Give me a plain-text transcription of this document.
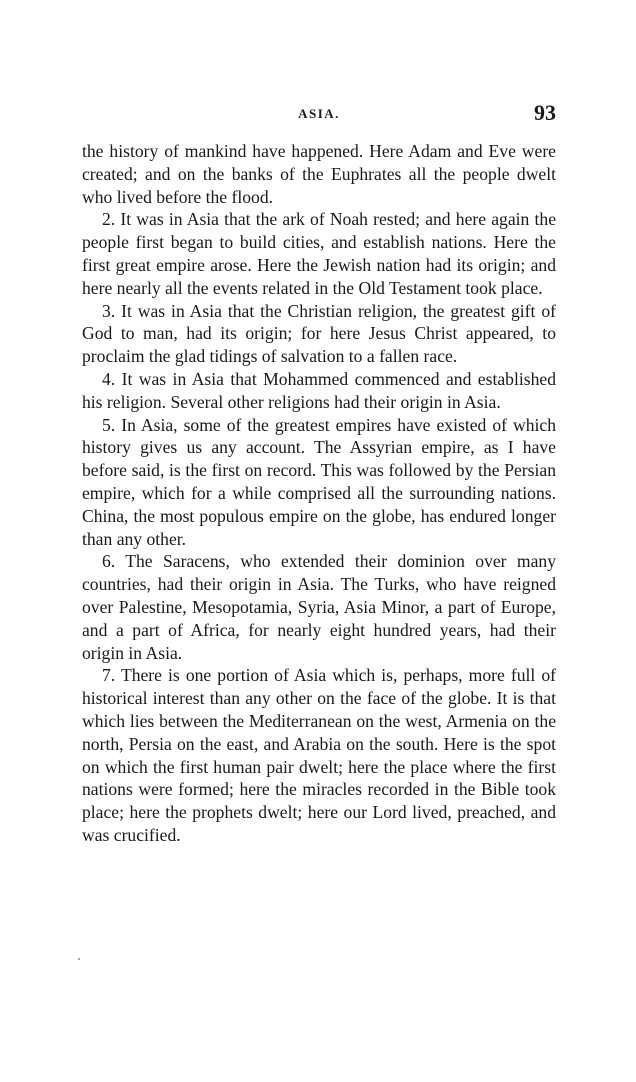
ASIA.	93

the history of mankind have happened. Here Adam and Eve were created; and on the banks of the Euphrates all the people dwelt who lived before the flood.

2. It was in Asia that the ark of Noah rested; and here again the people first began to build cities, and establish nations. Here the first great empire arose. Here the Jewish nation had its origin; and here nearly all the events related in the Old Testament took place.

3. It was in Asia that the Christian religion, the greatest gift of God to man, had its origin; for here Jesus Christ appeared, to proclaim the glad tidings of salvation to a fallen race.

4. It was in Asia that Mohammed commenced and established his religion. Several other religions had their origin in Asia.

5. In Asia, some of the greatest empires have existed of which history gives us any account. The Assyrian empire, as I have before said, is the first on record. This was followed by the Persian empire, which for a while comprised all the surrounding nations. China, the most populous empire on the globe, has endured longer than any other.

6. The Saracens, who extended their dominion over many countries, had their origin in Asia. The Turks, who have reigned over Palestine, Mesopotamia, Syria, Asia Minor, a part of Europe, and a part of Africa, for nearly eight hundred years, had their origin in Asia.

7. There is one portion of Asia which is, perhaps, more full of historical interest than any other on the face of the globe. It is that which lies between the Mediterranean on the west, Armenia on the north, Persia on the east, and Arabia on the south. Here is the spot on which the first human pair dwelt; here the place where the first nations were formed; here the miracles recorded in the Bible took place; here the prophets dwelt; here our Lord lived, preached, and was crucified.
